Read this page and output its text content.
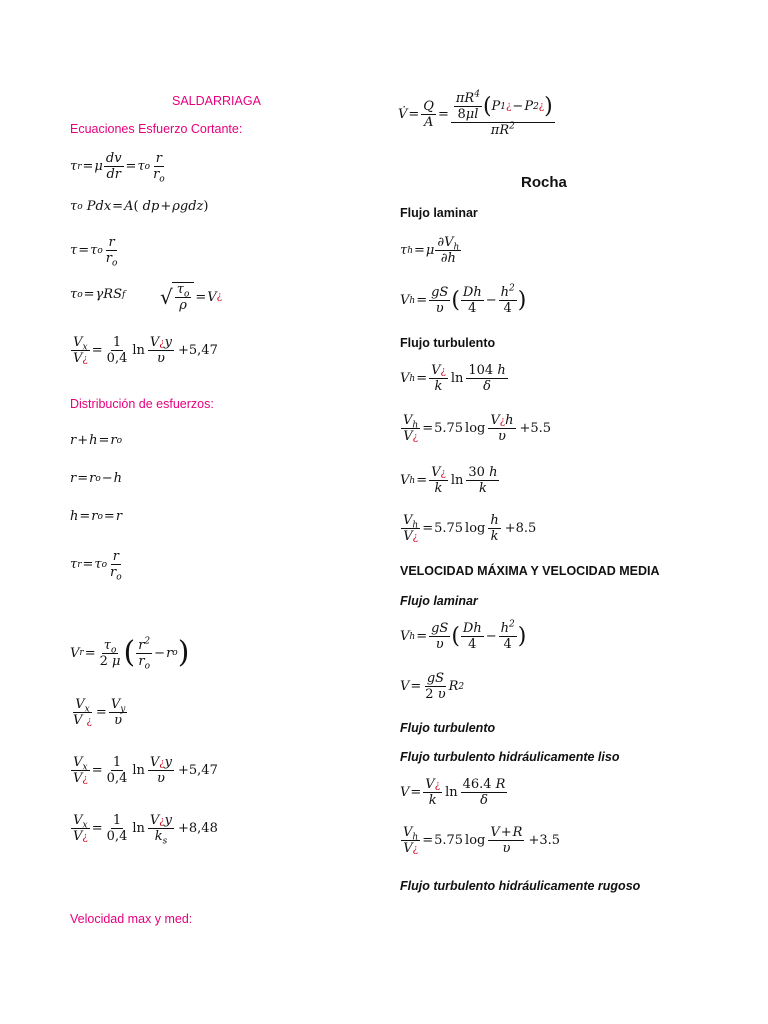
SALDARRIAGA
Ecuaciones Esfuerzo Cortante:
τ r = μ $\frac{dv}{dr} = \tau$ o $\frac{r}{r_o}$
τ o Pdx = A ( dp + ρgdz )
τ = τ o $\frac{r}{r_o}$
τ o = γRS f √ $\frac{\tau_o}{\rho} = V$ ¿
$\frac{V_x}{V¿} = \frac{1}{0,4}$ $\ln \frac{V¿y}{\upsilon} +5,47$
Distribución de esfuerzos:
r + h = r o
r = r o − h
h = r o = r
τ r = τ o $\frac{r}{r_o}$
V $r = \frac{\tau_o}{2 \mu}$ ( $\frac{r^2}{r_o} - r$ o )
$\frac{V_x}{V ¿} = \frac{V_y}{\upsilon}$
$\frac{V_x}{V¿} = \frac{1}{0,4}$ $\ln \frac{V¿y}{\upsilon} +5,47$
$\frac{V_x}{V¿} = \frac{1}{0,4}$ $\ln \frac{V¿y}{k_s} +8,48$
Velocidad max y med:
V̇ = $\frac{Q}{A} = \frac{\frac{\pi R^4}{8\mu l} ( P 1 ¿ - P 2 ¿ )}{\pi R^2}$
Rocha
Flujo laminar
τ h = μ $\frac{\partial V_h}{\partial h}$
V $h = \frac{gS}{\upsilon}$ ( $\frac{Dh}{4} - \frac{h^2}{4}$ )
Flujo turbulento
V $h = \frac{V¿}{k}$ $\ln \frac{104 h}{\delta}$
$\frac{V_h}{V¿} = 5.75$ $\log \frac{V¿h}{\upsilon} +5.5$
V $h = \frac{V¿}{k}$ $\ln \frac{30 h}{k}$
$\frac{V_h}{V¿} = 5.75$ $\log \frac{h}{k} +8.5$
VELOCIDAD MÁXIMA Y VELOCIDAD MEDIA
Flujo laminar
V $h = \frac{gS}{\upsilon}$ ( $\frac{Dh}{4} - \frac{h^2}{4}$ )
$V = \frac{gS}{2 \upsilon}$ R 2
Flujo turbulento
Flujo turbulento hidráulicamente liso
$V = \frac{V¿}{k}$ $\ln \frac{46.4 R}{\delta}$
$\frac{V_h}{V¿} = 5.75$ $\log \frac{V+R}{\upsilon} +3.5$
Flujo turbulento hidráulicamente rugoso
